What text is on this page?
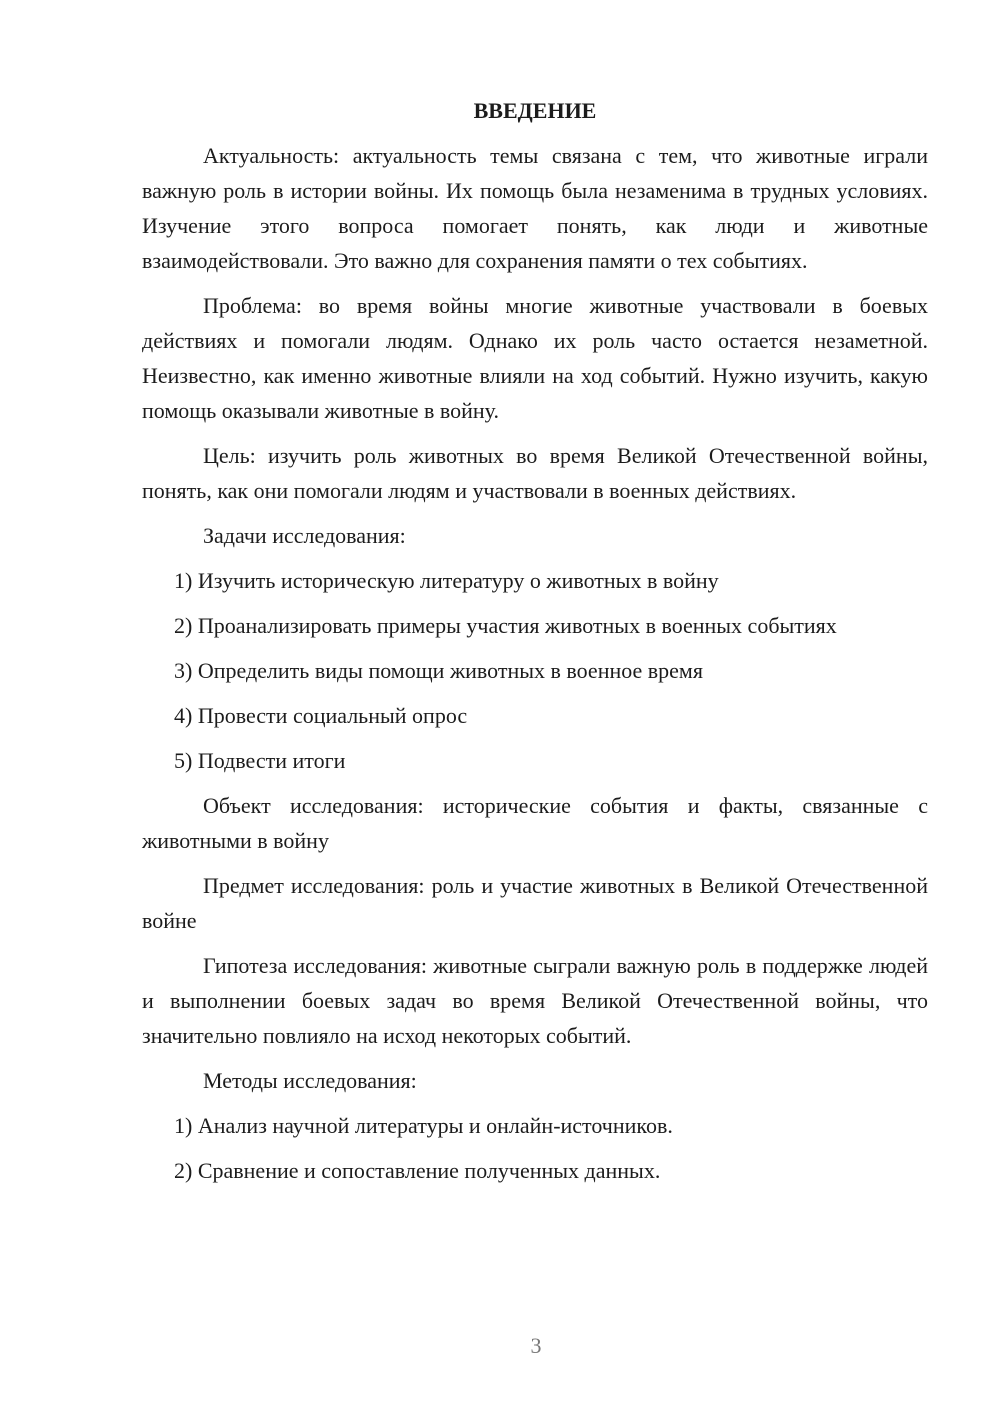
ВВЕДЕНИЕ
Актуальность: актуальность темы связана с тем, что животные играли важную роль в истории войны. Их помощь была незаменима в трудных условиях. Изучение этого вопроса помогает понять, как люди и животные взаимодействовали. Это важно для сохранения памяти о тех событиях.
Проблема: во время войны многие животные участвовали в боевых действиях и помогали людям. Однако их роль часто остается незаметной. Неизвестно, как именно животные влияли на ход событий. Нужно изучить, какую помощь оказывали животные в войну.
Цель: изучить роль животных во время Великой Отечественной войны, понять, как они помогали людям и участвовали в военных действиях.
Задачи исследования:
1) Изучить историческую литературу о животных в войну
2) Проанализировать примеры участия животных в военных событиях
3) Определить виды помощи животных в военное время
4) Провести социальный опрос
5) Подвести итоги
Объект исследования: исторические события и факты, связанные с животными в войну
Предмет исследования: роль и участие животных в Великой Отечественной войне
Гипотеза исследования: животные сыграли важную роль в поддержке людей и выполнении боевых задач во время Великой Отечественной войны, что значительно повлияло на исход некоторых событий.
Методы исследования:
1) Анализ научной литературы и онлайн-источников.
2) Сравнение и сопоставление полученных данных.
3
